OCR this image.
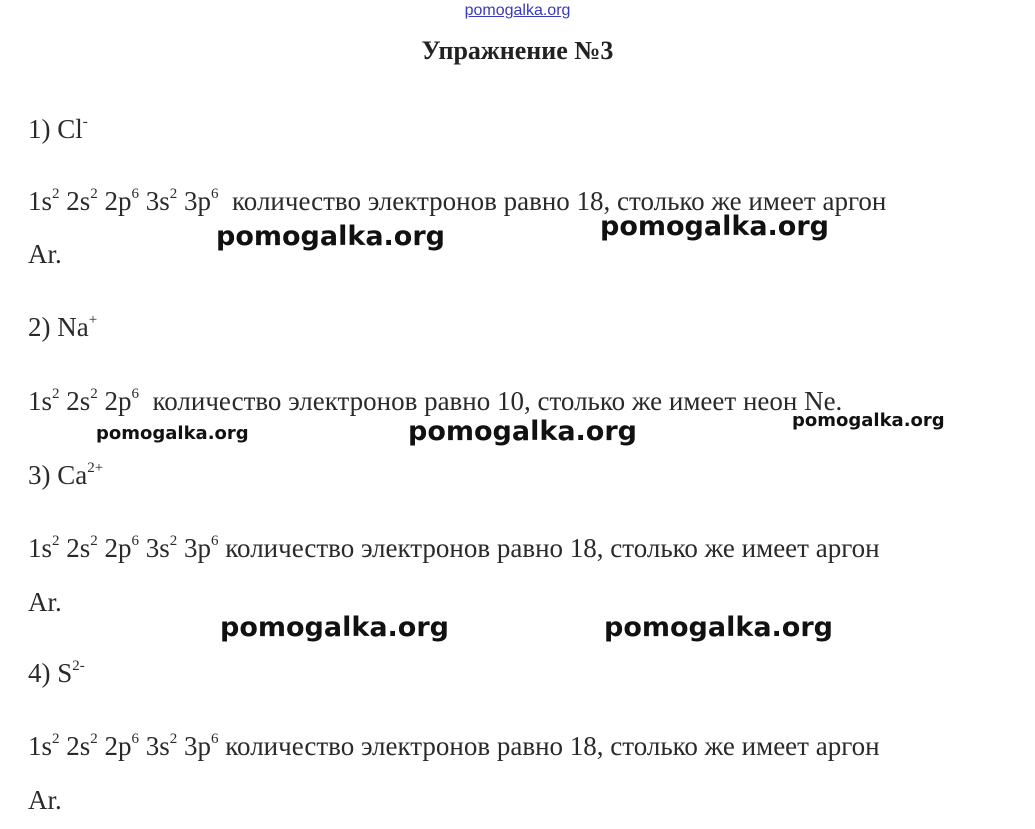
pomogalka.org
Упражнение №3
1) Cl-
$1s^2$ $2s^2$ $2p^6$ $3s^2$ $3p^6$ количество электронов равно 18, столько же имеет аргон
Ar.
2) Na+
$1s^2$ $2s^2$ $2p^6$ количество электронов равно 10, столько же имеет неон Ne.
3) $Ca^{2+}$
$1s^2$ $2s^2$ $2p^6$ $3s^2$ $3p^6$ количество электронов равно 18, столько же имеет аргон
Ar.
4) $S^{2-}$
$1s^2$ $2s^2$ $2p^6$ $3s^2$ $3p^6$ количество электронов равно 18, столько же имеет аргон
Ar.
pomogalka.org	pomogalka.org
pomogalka.org	pomogalka.org	pomogalka.org
pomogalka.org	pomogalka.org
